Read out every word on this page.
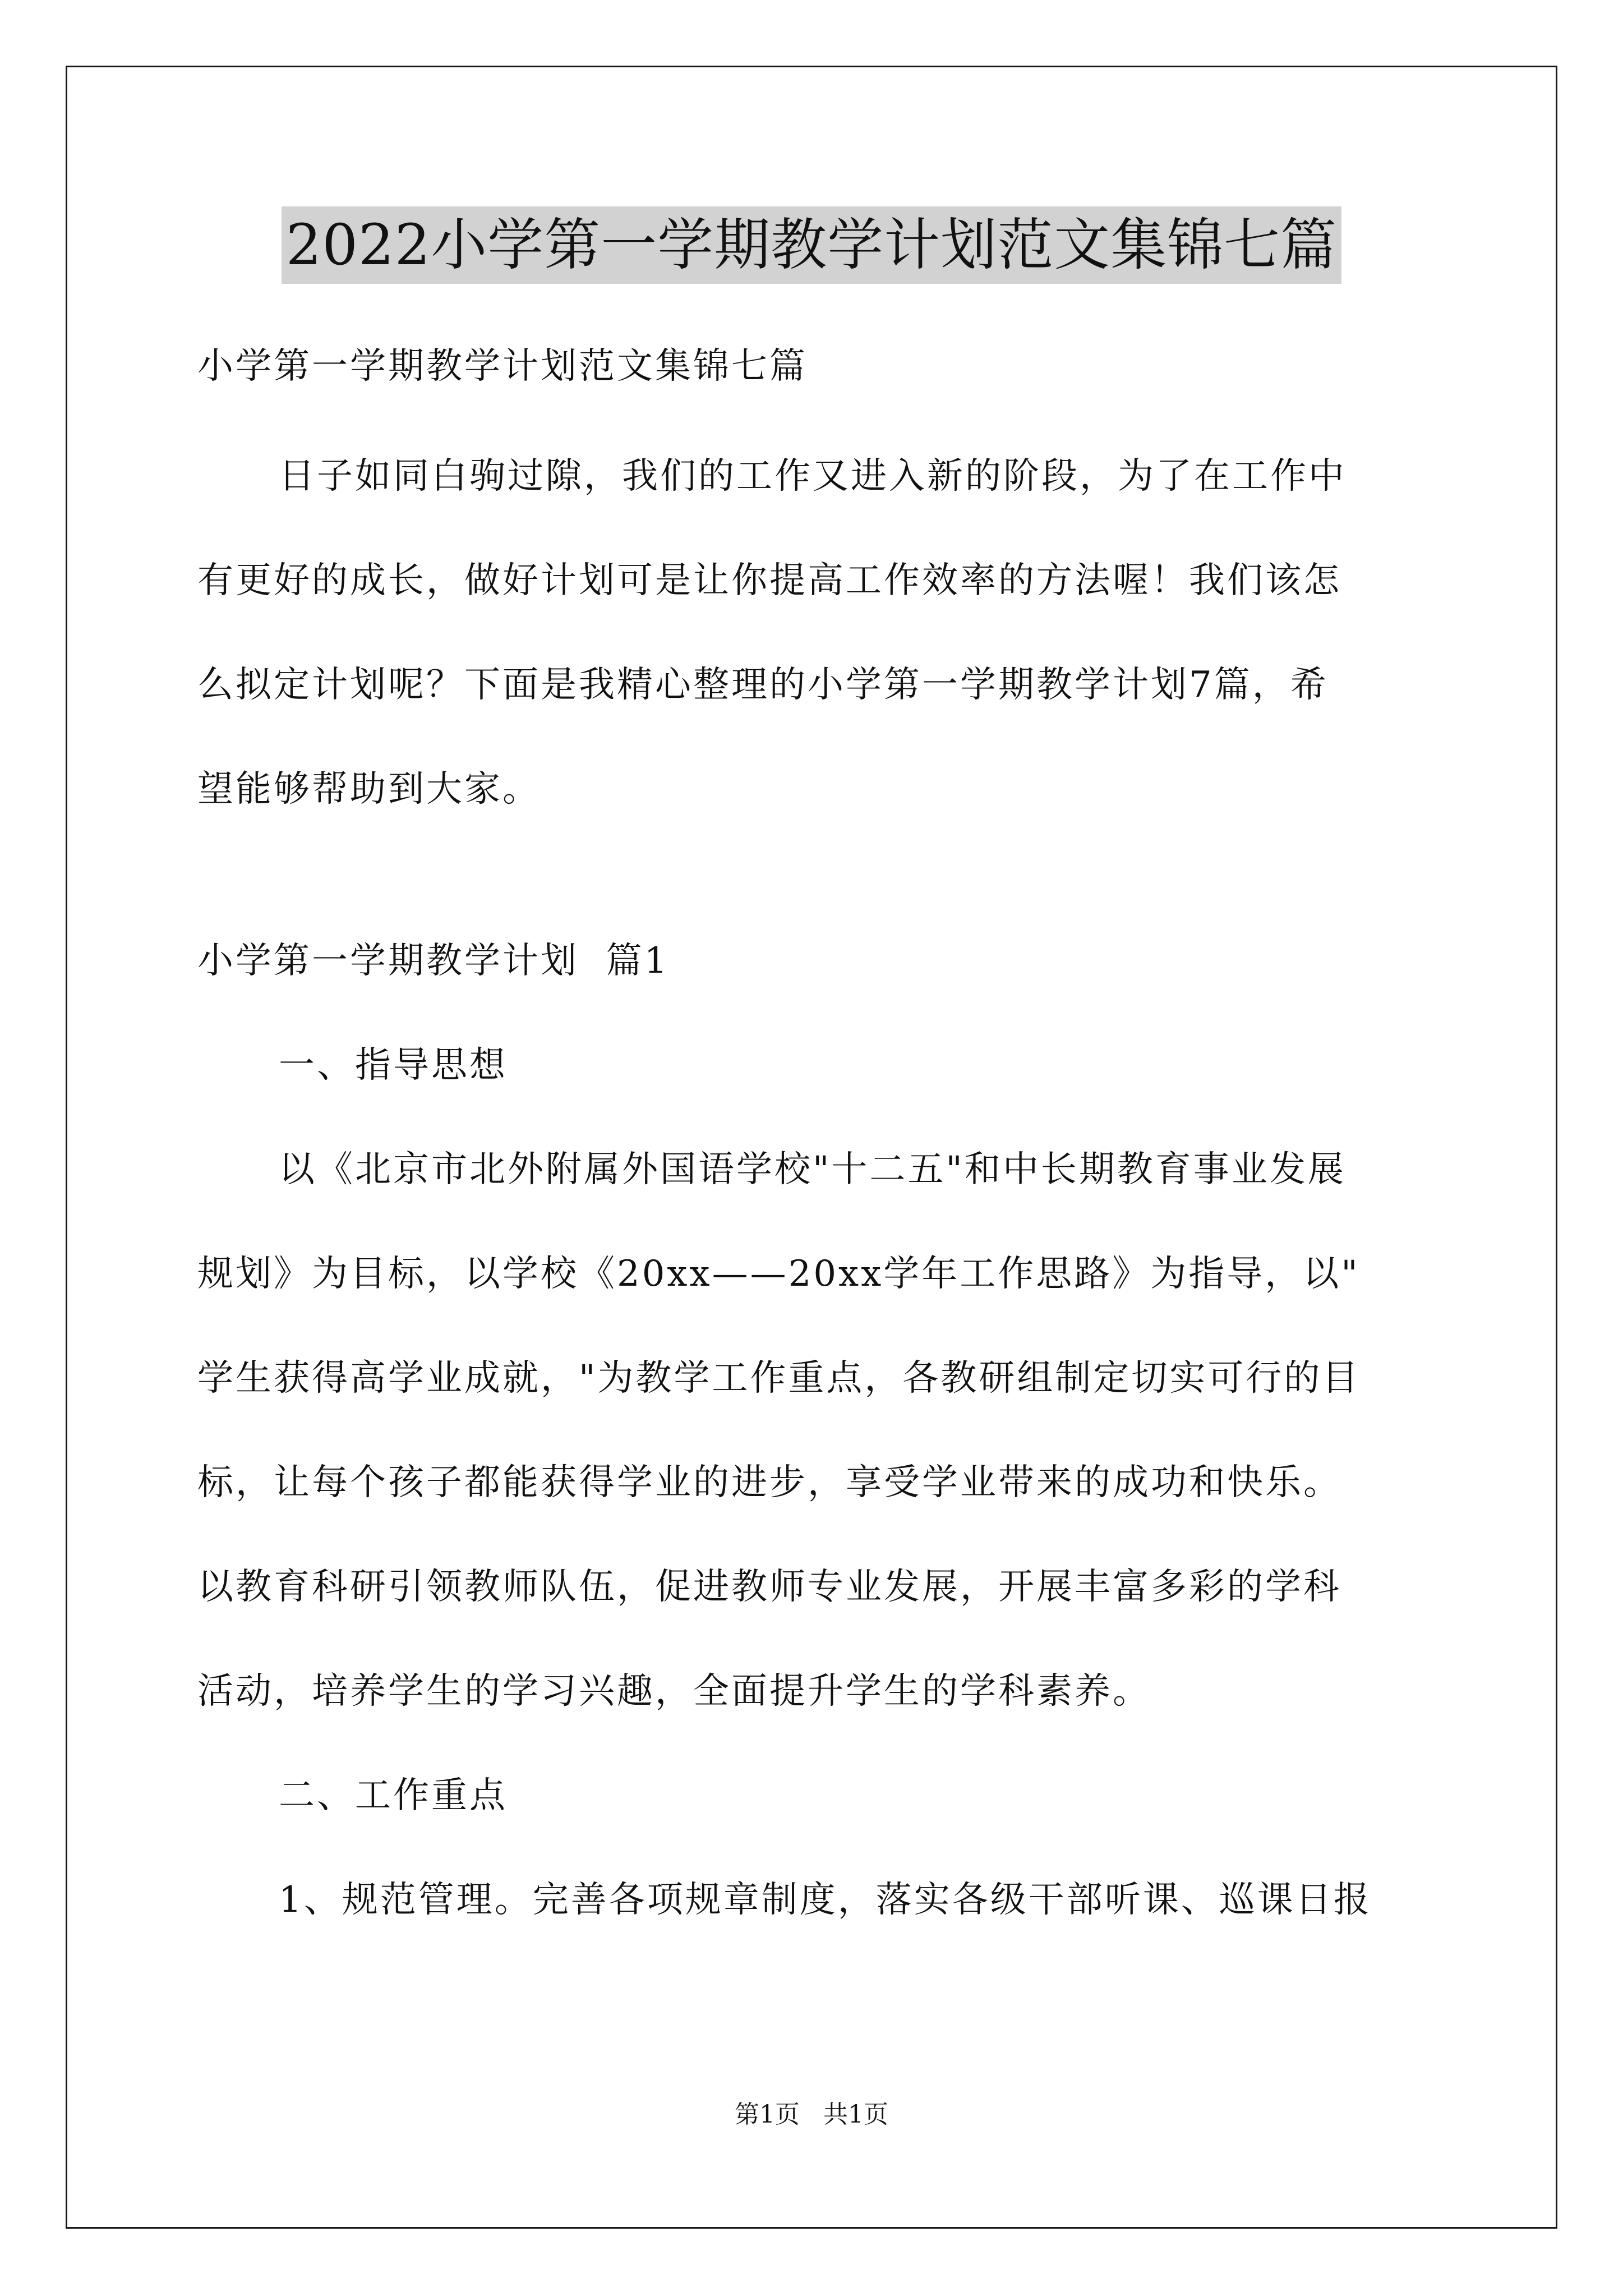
2022小学第一学期教学计划范文集锦七篇
小学第一学期教学计划范文集锦七篇
日子如同白驹过隙，我们的工作又进入新的阶段，为了在工作中
有更好的成长，做好计划可是让你提高工作效率的方法喔！我们该怎
么拟定计划呢？下面是我精心整理的小学第一学期教学计划7篇，希
望能够帮助到大家。
小学第一学期教学计划  篇1
一、指导思想
以《北京市北外附属外国语学校"十二五"和中长期教育事业发展
规划》为目标，以学校《20xx——20xx学年工作思路》为指导，以"
学生获得高学业成就，"为教学工作重点，各教研组制定切实可行的目
标，让每个孩子都能获得学业的进步，享受学业带来的成功和快乐。
以教育科研引领教师队伍，促进教师专业发展，开展丰富多彩的学科
活动，培养学生的学习兴趣，全面提升学生的学科素养。
二、工作重点
1、规范管理。完善各项规章制度，落实各级干部听课、巡课日报
第1页 共1页
